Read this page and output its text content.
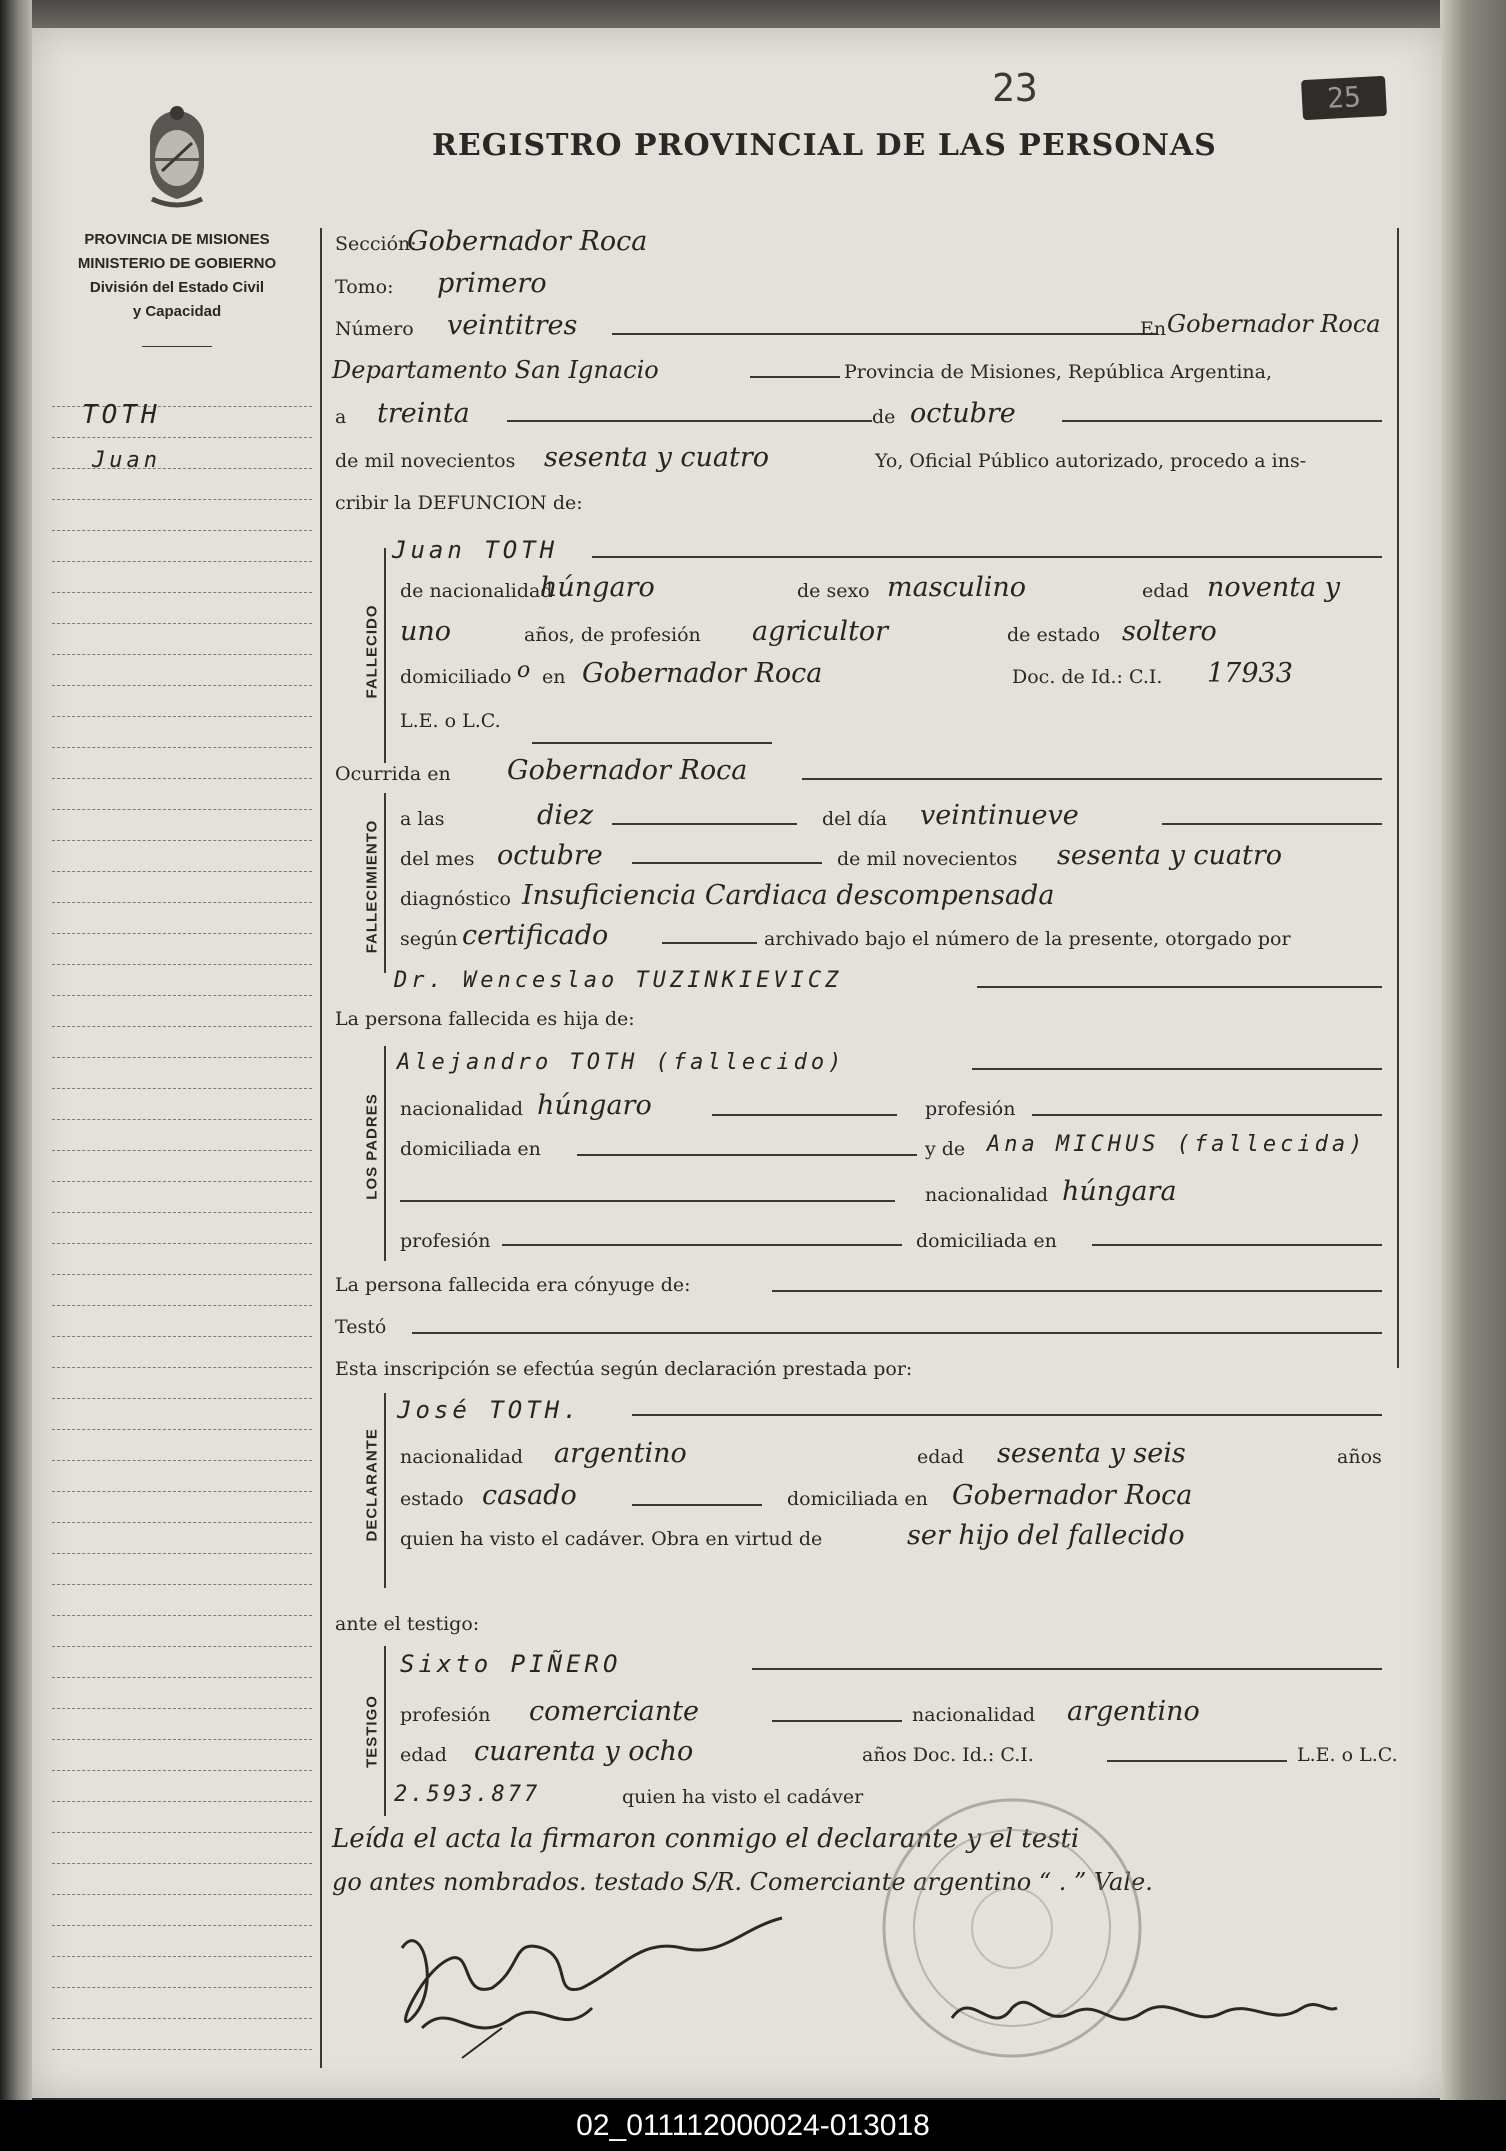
23	25
REGISTRO PROVINCIAL DE LAS PERSONAS
PROVINCIA DE MISIONES
MINISTERIO DE GOBIERNO
División del Estado Civil
y Capacidad
TOTH
Juan
Sección:
Gobernador Roca
Tomo: primero
Número veintitres	En Gobernador Roca
Departamento San Ignacio	Provincia de Misiones, República Argentina,
a treinta	de octubre
de mil novecientos sesenta y cuatro	Yo, Oficial Público autorizado, procedo a ins-
cribir la DEFUNCION de:
FALLECIDO
Juan TOTH
de nacionalidad
húngaro	de sexo masculino	edad noventa y
uno	años, de profesión agricultor	de estado soltero
domiciliado o en Gobernador Roca	Doc. de Id.: C.I. 17933
L.E. o L.C.
Ocurrida en Gobernador Roca
FALLECIMIENTO
a las	diez	del día veintinueve
del mes octubre	de mil novecientos sesenta y cuatro
diagnóstico Insuficiencia Cardiaca descompensada
según certificado	archivado bajo el número de la presente, otorgado por
Dr. Wenceslao TUZINKIEVICZ
La persona fallecida es hija de:
LOS PADRES
Alejandro TOTH (fallecido)
nacionalidad húngaro	profesión
domiciliada en	y de Ana MICHUS (fallecida)
nacionalidad húngara
profesión	domiciliada en
La persona fallecida era cónyuge de:
Testó
Esta inscripción se efectúa según declaración prestada por:
DECLARANTE
José TOTH.
nacionalidad argentino	edad sesenta y seis	años
estado casado	domiciliada en Gobernador Roca
quien ha visto el cadáver. Obra en virtud de	ser hijo del fallecido
ante el testigo:
TESTIGO
Sixto PIÑERO
profesión comerciante	nacionalidad argentino
edad cuarenta y ocho	años Doc. Id.: C.I.	L.E. o L.C.
2.593.877	quien ha visto el cadáver
Leída el acta la firmaron conmigo el declarante y el testi
go antes nombrados. testado S/R. Comerciante argentino “ . ” Vale.
02_011112000024-013018
